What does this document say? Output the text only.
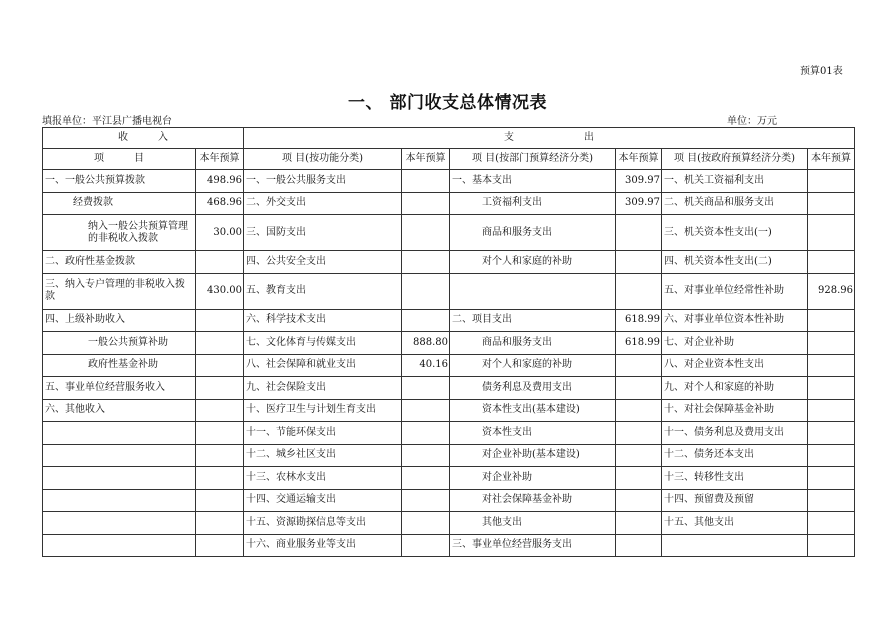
预算01表
一、 部门收支总体情况表
填报单位：平江县广播电视台	单位：万元
收　　　入		支　　　　　　　出					
项　　　目	本年预算	项 目(按功能分类)	本年预算	项 目(按部门预算经济分类)	本年预算	项 目(按政府预算经济分类)	本年预算
一、一般公共预算拨款	498.96	一、一般公共服务支出		一、基本支出	309.97	一、机关工资福利支出	
经费拨款	468.96	二、外交支出		工资福利支出	309.97	二、机关商品和服务支出	
纳入一般公共预算管理的非税收入拨款	30.00	三、国防支出		商品和服务支出		三、机关资本性支出(一)	
二、政府性基金拨款		四、公共安全支出		对个人和家庭的补助		四、机关资本性支出(二)	
三、纳入专户管理的非税收入拨款	430.00	五、教育支出				五、对事业单位经常性补助	928.96
四、上级补助收入		六、科学技术支出		二、项目支出	618.99	六、对事业单位资本性补助	
一般公共预算补助		七、文化体育与传媒支出	888.80	商品和服务支出	618.99	七、对企业补助	
政府性基金补助		八、社会保障和就业支出	40.16	对个人和家庭的补助		八、对企业资本性支出	
五、事业单位经营服务收入		九、社会保险支出		债务利息及费用支出		九、对个人和家庭的补助	
六、其他收入		十、医疗卫生与计划生育支出		资本性支出(基本建设)		十、对社会保障基金补助	
		十一、节能环保支出		资本性支出		十一、债务利息及费用支出	
		十二、城乡社区支出		对企业补助(基本建设)		十二、债务还本支出	
		十三、农林水支出		对企业补助		十三、转移性支出	
		十四、交通运输支出		对社会保障基金补助		十四、预留费及预留	
		十五、资源勘探信息等支出		其他支出		十五、其他支出	
		十六、商业服务业等支出		三、事业单位经营服务支出			
